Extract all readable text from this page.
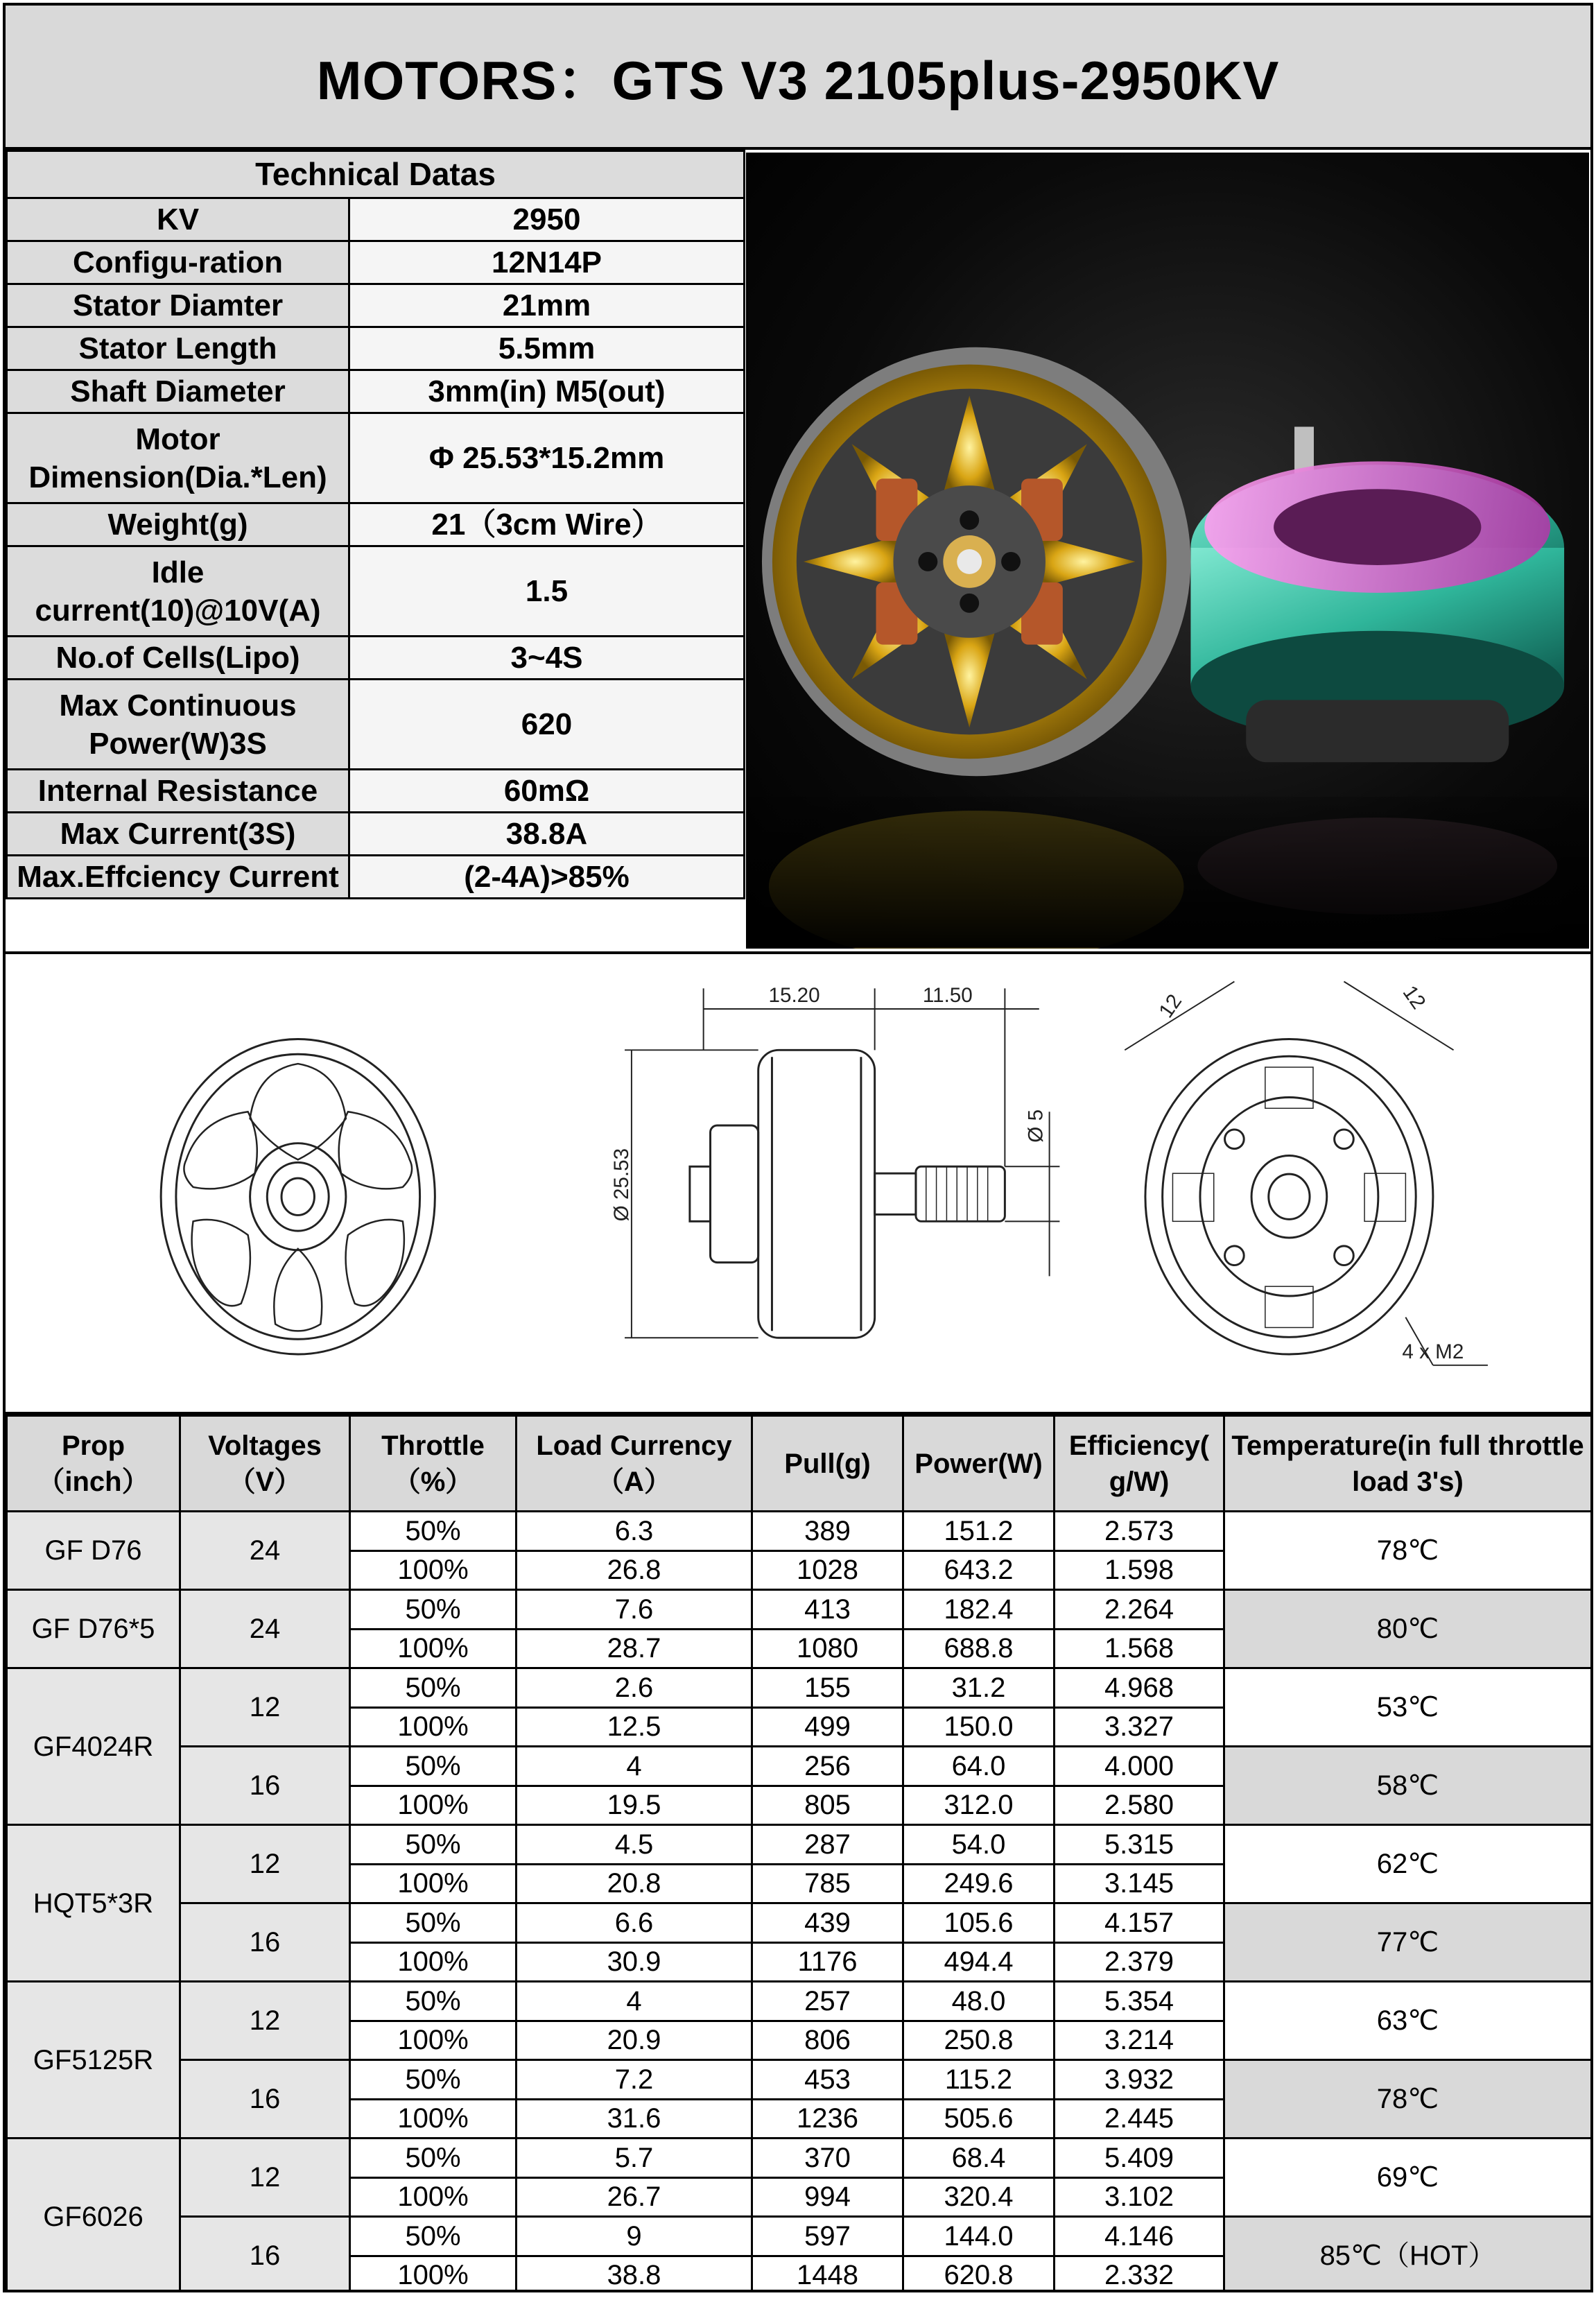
MOTORS：GTS V3 2105plus-2950KV
Technical Datas	
KV	2950
Configu-ration	12N14P
Stator Diamter	21mm
Stator Length	5.5mm
Shaft Diameter	3mm(in) M5(out)
Motor Dimension(Dia.*Len)	Φ 25.53*15.2mm
Weight(g)	21（3cm Wire）
Idle current(10)@10V(A)	1.5
No.of Cells(Lipo)	3~4S
Max Continuous Power(W)3S	620
Internal Resistance	60mΩ
Max Current(3S)	38.8A
Max.Effciency Current	(2-4A)>85%
15.20	11.50
Ø 25.53
Ø 5
12	12
4 x M2
Prop （inch）	Voltages （V）	Throttle （%）	Load Currency （A）	Pull(g)	Power(W)	Efficiency( g/W)	Temperature(in full throttle load 3's)
GF D76	24	50%	6.3	389	151.2	2.573	78℃
		100%	26.8	1028	643.2	1.598	
GF D76*5	24	50%	7.6	413	182.4	2.264	80℃
		100%	28.7	1080	688.8	1.568	
GF4024R	12	50%	2.6	155	31.2	4.968	53℃
		100%	12.5	499	150.0	3.327	
	16	50%	4	256	64.0	4.000	58℃
		100%	19.5	805	312.0	2.580	
HQT5*3R	12	50%	4.5	287	54.0	5.315	62℃
		100%	20.8	785	249.6	3.145	
	16	50%	6.6	439	105.6	4.157	77℃
		100%	30.9	1176	494.4	2.379	
GF5125R	12	50%	4	257	48.0	5.354	63℃
		100%	20.9	806	250.8	3.214	
	16	50%	7.2	453	115.2	3.932	78℃
		100%	31.6	1236	505.6	2.445	
GF6026	12	50%	5.7	370	68.4	5.409	69℃
		100%	26.7	994	320.4	3.102	
	16	50%	9	597	144.0	4.146	85℃（HOT）
		100%	38.8	1448	620.8	2.332	
